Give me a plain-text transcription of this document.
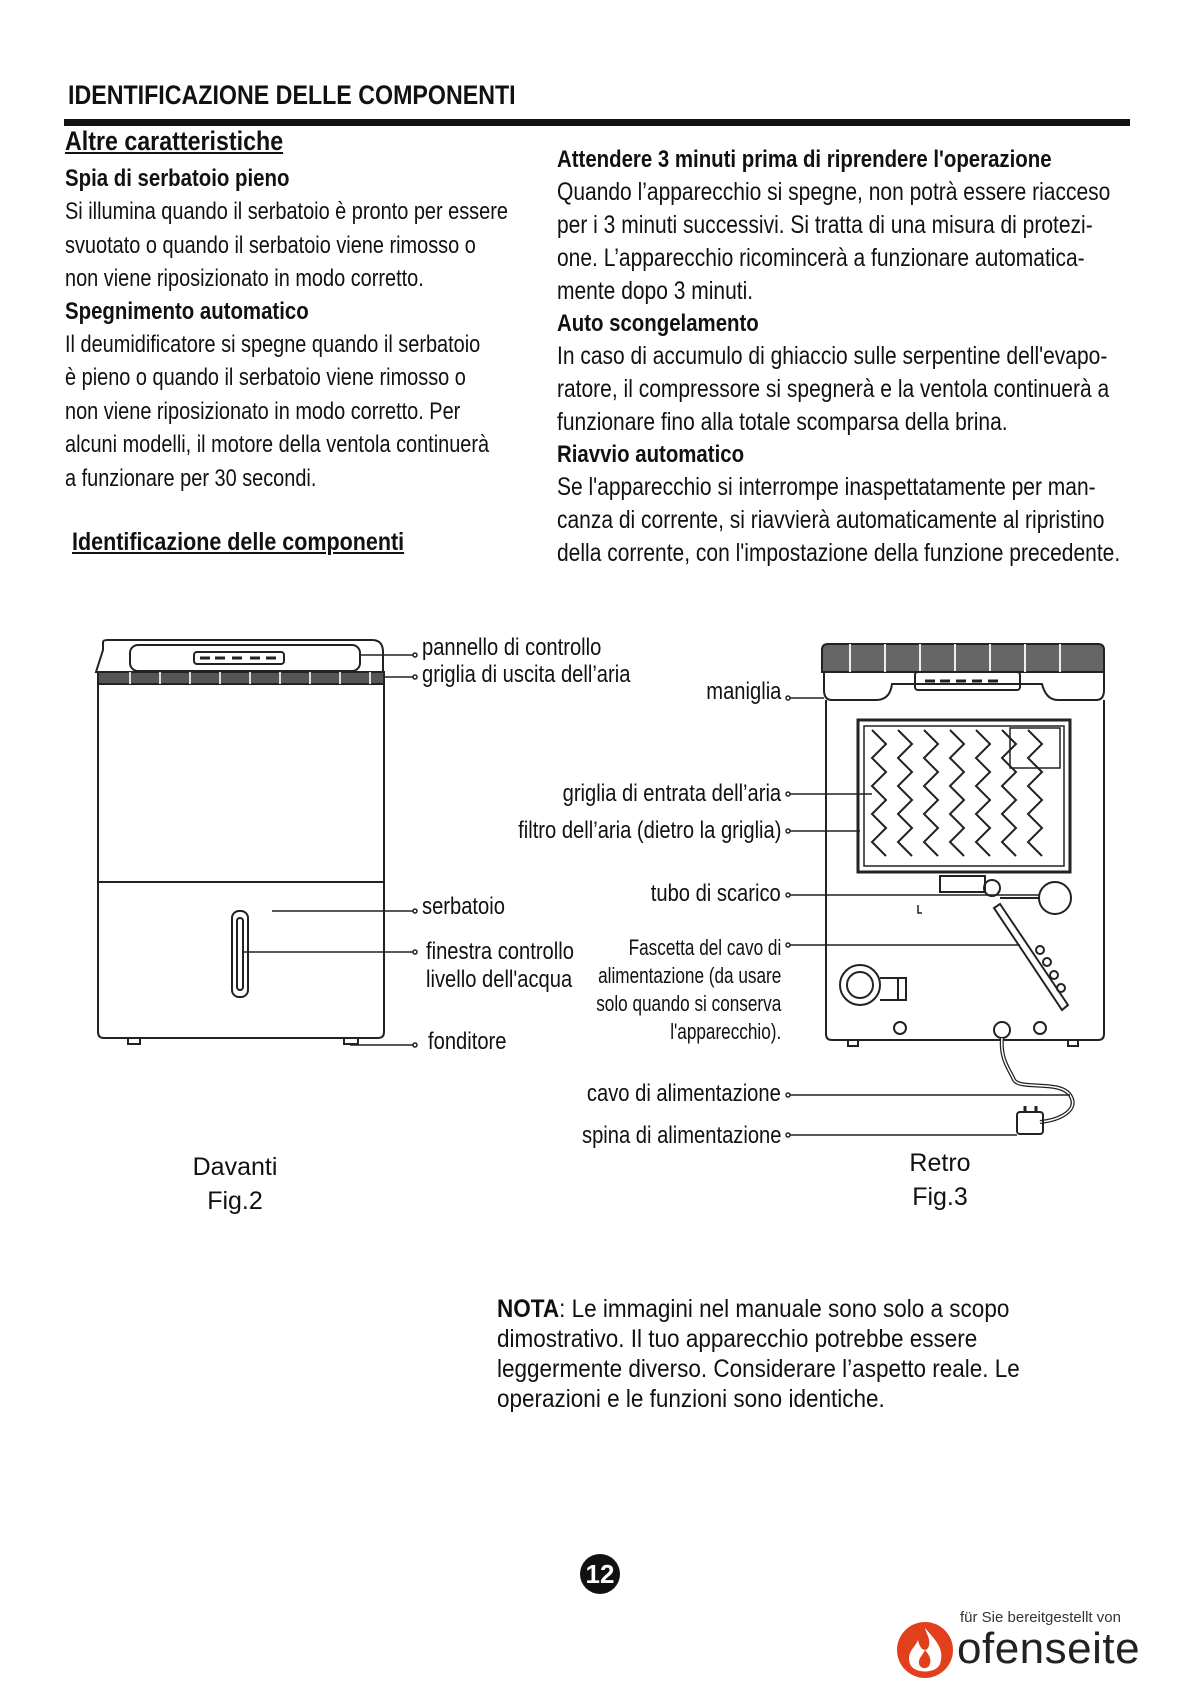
IDENTIFICAZIONE DELLE COMPONENTI
Altre caratteristiche
Spia di serbatoio pieno
Si illumina quando il serbatoio è pronto per essere
svuotato o quando il serbatoio viene rimosso o
non viene riposizionato in modo corretto.
Spegnimento automatico
Il deumidificatore si spegne quando il serbatoio
è pieno o quando il serbatoio viene rimosso o
non viene riposizionato in modo corretto. Per
alcuni modelli, il motore della ventola continuerà
a funzionare per 30 secondi.
Attendere 3 minuti prima di riprendere l'operazione
Quando l’apparecchio si spegne, non potrà essere riacceso
per i 3 minuti successivi. Si tratta di una misura di protezi-
one. L’apparecchio ricomincerà a funzionare automatica-
mente dopo 3 minuti.
Auto scongelamento
In caso di accumulo di ghiaccio sulle serpentine dell'evapo-
ratore, il compressore si spegnerà e la ventola continuerà a
funzionare fino alla totale scomparsa della brina.
Riavvio automatico
Se l'apparecchio si interrompe inaspettatamente per man-
canza di corrente, si riavvierà automaticamente al ripristino
della corrente, con l'impostazione della funzione precedente.
Identificazione delle componenti
pannello di controllo
griglia di uscita dell’aria
serbatoio
finestra controllo
livello dell'acqua
fonditore
maniglia
griglia di entrata dell’aria
filtro dell’aria (dietro la griglia)
tubo di scarico
Fascetta del cavo di
alimentazione (da usare
solo quando si conserva
l'apparecchio).
cavo di alimentazione
spina di alimentazione
Davanti
Fig.2
Retro
Fig.3
NOTA: Le immagini nel manuale sono solo a scopo
dimostrativo. Il tuo apparecchio potrebbe essere
leggermente diverso. Considerare l’aspetto reale. Le
operazioni e le funzioni sono identiche.
12
für Sie bereitgestellt von
ofenseite
